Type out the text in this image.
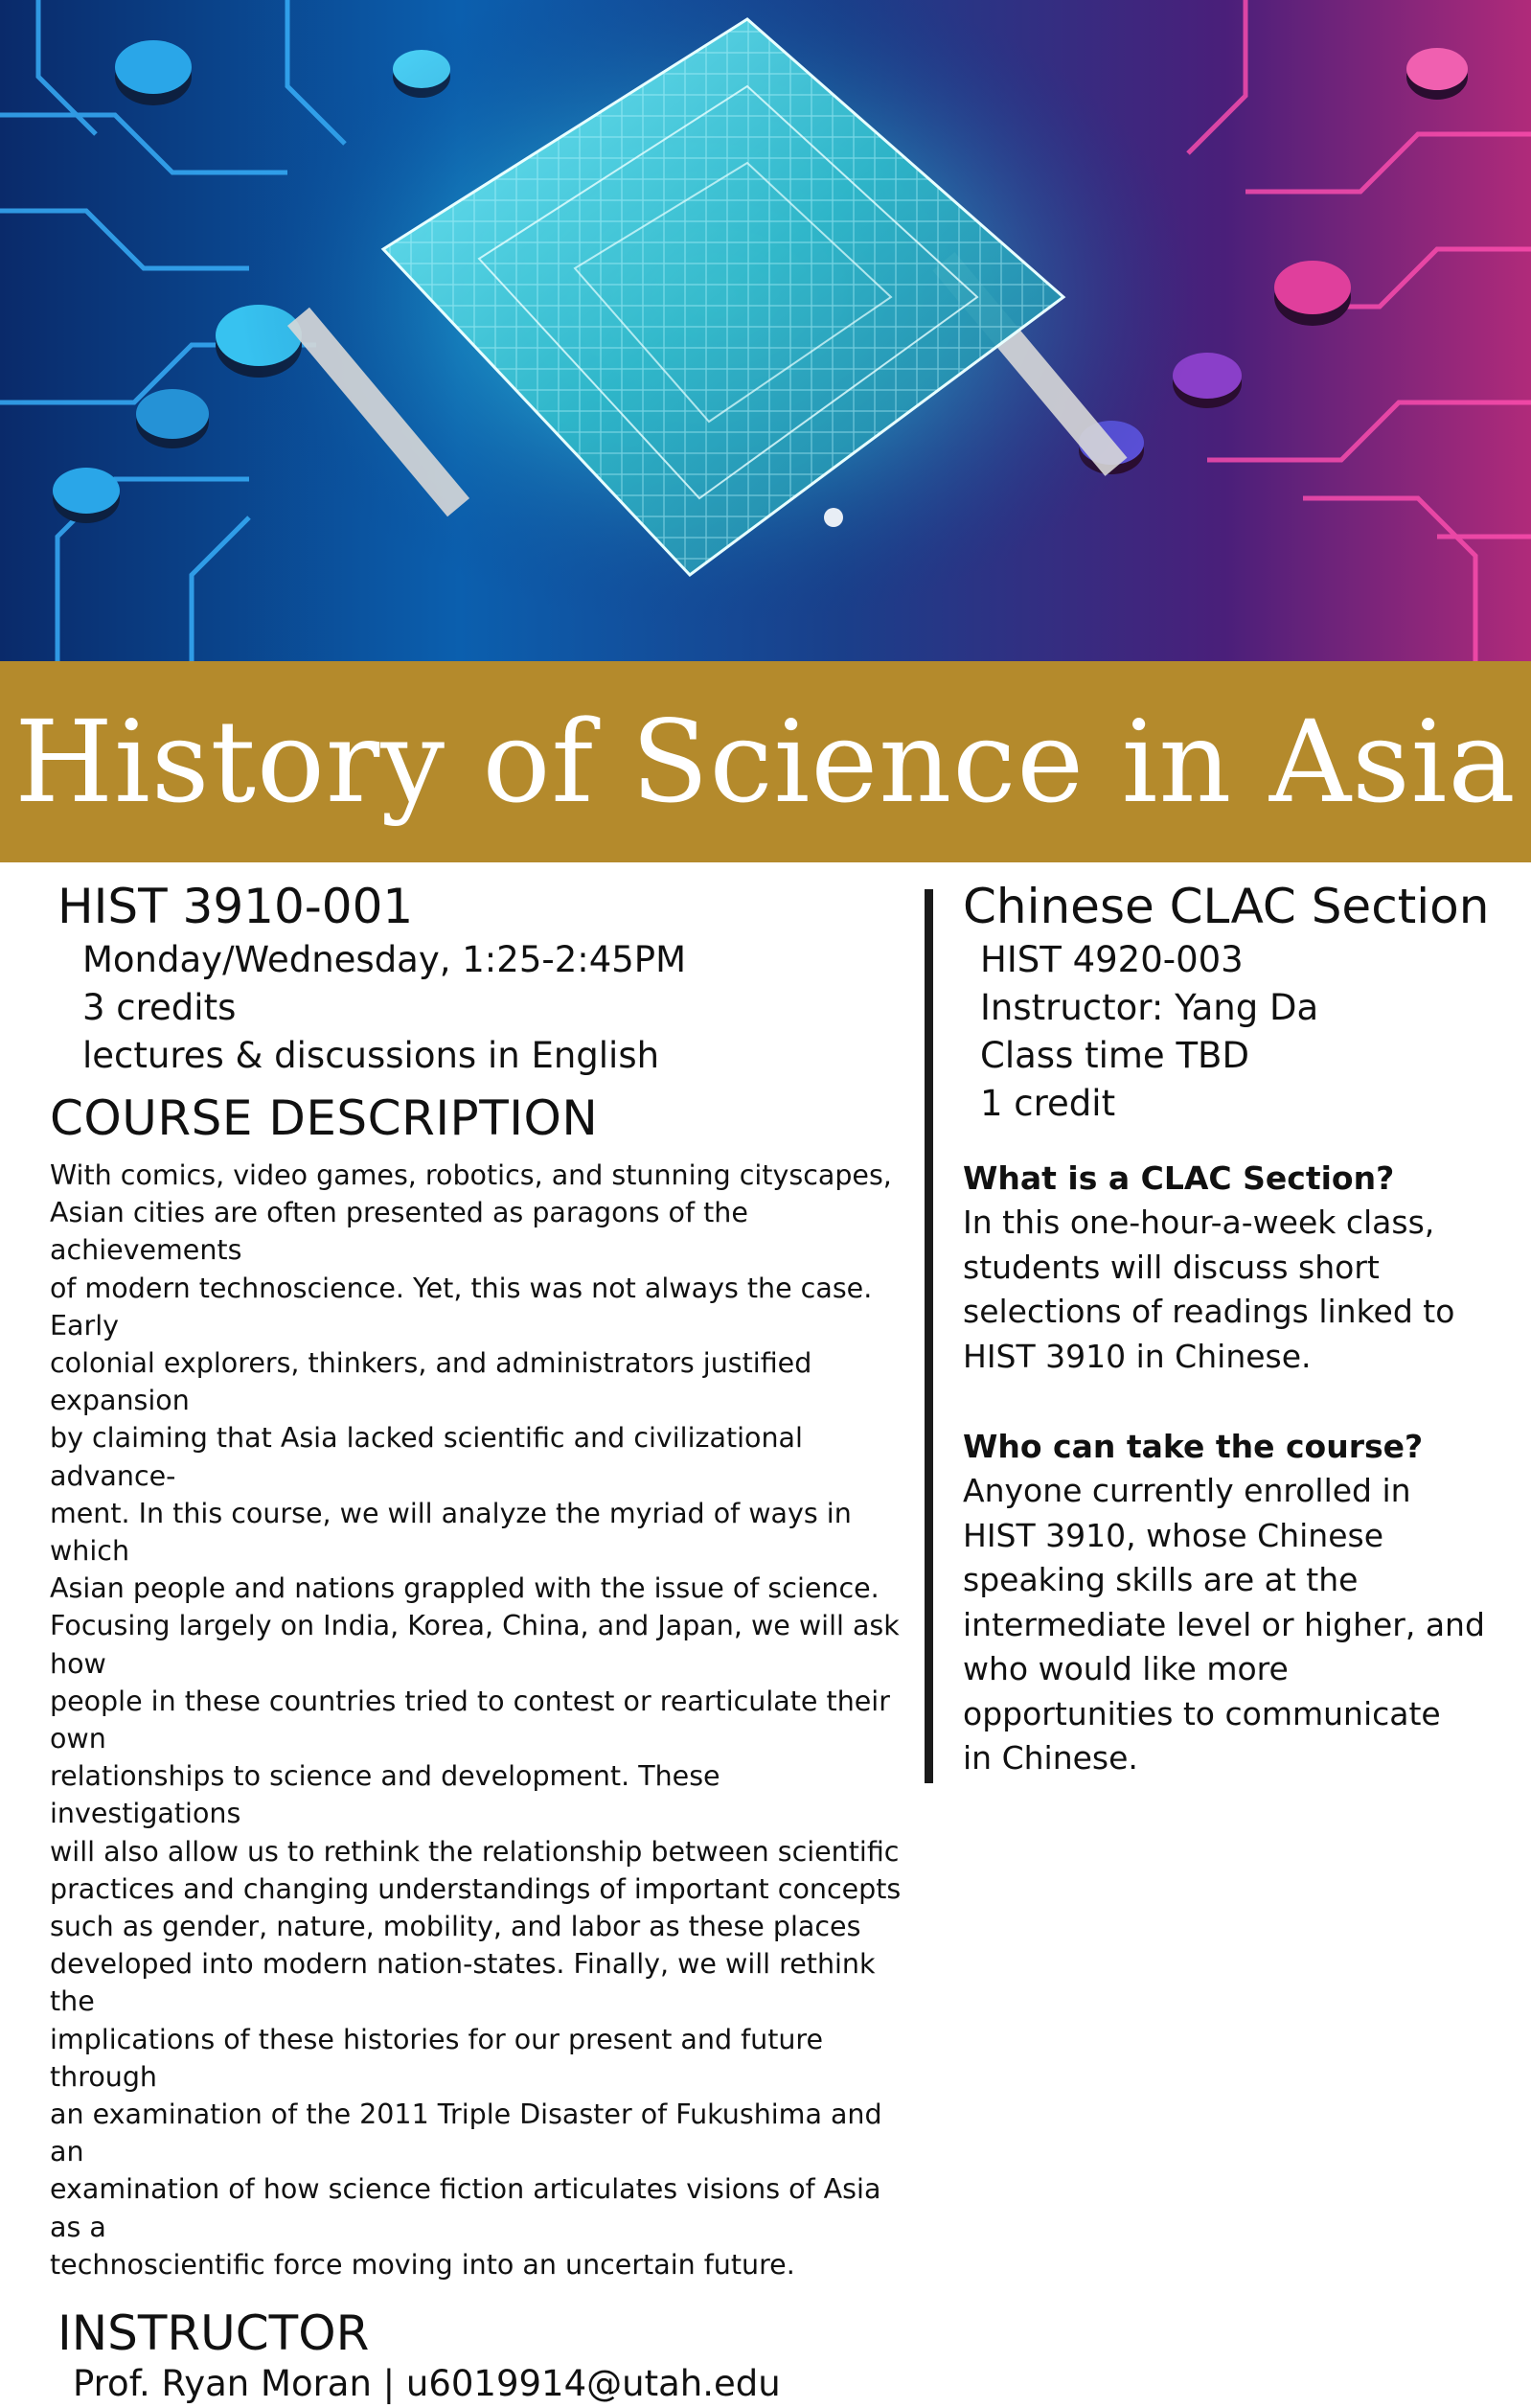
History of Science in Asia
HIST 3910-001
Monday/Wednesday, 1:25-2:45PM
3 credits
lectures & discussions in English
COURSE DESCRIPTION
With comics, video games, robotics, and stunning cityscapes,
Asian cities are often presented as paragons of the achievements
of modern technoscience. Yet, this was not always the case. Early
colonial explorers, thinkers, and administrators justified expansion
by claiming that Asia lacked scientific and civilizational advance-
ment. In this course, we will analyze the myriad of ways in which
Asian people and nations grappled with the issue of science.
Focusing largely on India, Korea, China, and Japan, we will ask how
people in these countries tried to contest or rearticulate their own
relationships to science and development. These investigations
will also allow us to rethink the relationship between scientific
practices and changing understandings of important concepts
such as gender, nature, mobility, and labor as these places
developed into modern nation-states. Finally, we will rethink the
implications of these histories for our present and future through
an examination of the 2011 Triple Disaster of Fukushima and an
examination of how science fiction articulates visions of Asia as a
technoscientific force moving into an uncertain future.
INSTRUCTOR
Prof. Ryan Moran | u6019914@utah.edu
Chinese CLAC Section
HIST 4920-003
Instructor: Yang Da
Class time TBD
1 credit
What is a CLAC Section?
In this one-hour-a-week class,
students will discuss short
selections of readings linked to
HIST 3910 in Chinese.
Who can take the course?
Anyone currently enrolled in
HIST 3910, whose Chinese
speaking skills are at the
intermediate level or higher, and
who would like more
opportunities to communicate
in Chinese.
